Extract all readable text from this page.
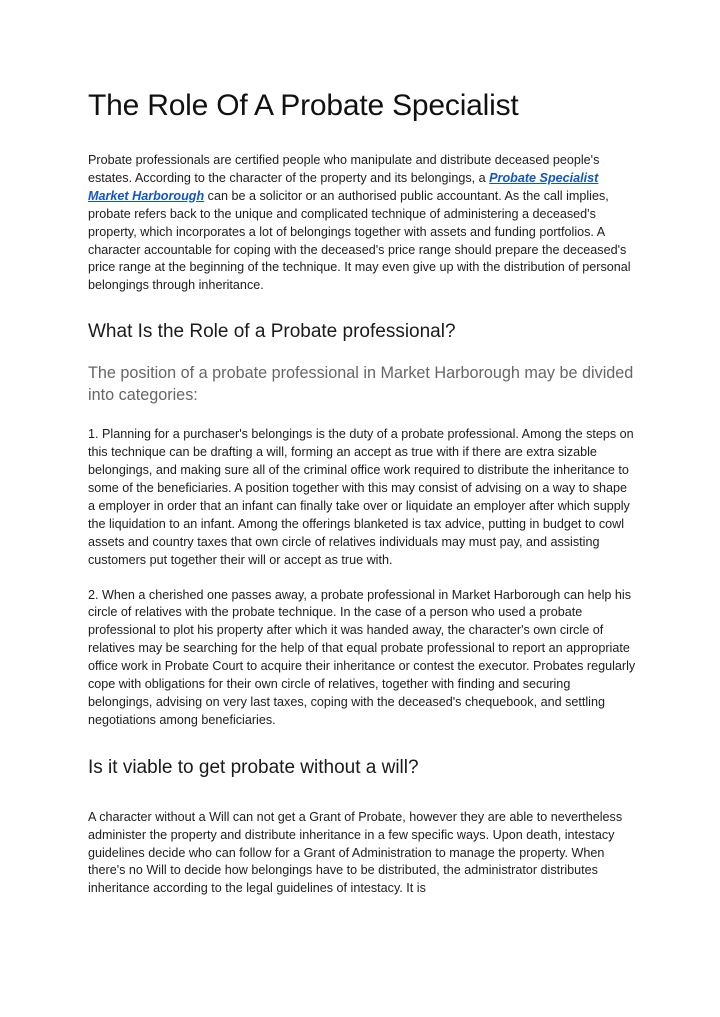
The Role Of A Probate Specialist

Probate professionals are certified people who manipulate and distribute deceased people's estates. According to the character of the property and its belongings, a Probate Specialist Market Harborough can be a solicitor or an authorised public accountant. As the call implies, probate refers back to the unique and complicated technique of administering a deceased's property, which incorporates a lot of belongings together with assets and funding portfolios. A character accountable for coping with the deceased's price range should prepare the deceased's price range at the beginning of the technique. It may even give up with the distribution of personal belongings through inheritance.

What Is the Role of a Probate professional?

The position of a probate professional in Market Harborough may be divided into categories:

1. Planning for a purchaser's belongings is the duty of a probate professional. Among the steps on this technique can be drafting a will, forming an accept as true with if there are extra sizable belongings, and making sure all of the criminal office work required to distribute the inheritance to some of the beneficiaries. A position together with this may consist of advising on a way to shape a employer in order that an infant can finally take over or liquidate an employer after which supply the liquidation to an infant. Among the offerings blanketed is tax advice, putting in budget to cowl assets and country taxes that own circle of relatives individuals may must pay, and assisting customers put together their will or accept as true with.

2. When a cherished one passes away, a probate professional in Market Harborough can help his circle of relatives with the probate technique. In the case of a person who used a probate professional to plot his property after which it was handed away, the character's own circle of relatives may be searching for the help of that equal probate professional to report an appropriate office work in Probate Court to acquire their inheritance or contest the executor. Probates regularly cope with obligations for their own circle of relatives, together with finding and securing belongings, advising on very last taxes, coping with the deceased's chequebook, and settling negotiations among beneficiaries.

Is it viable to get probate without a will?

A character without a Will can not get a Grant of Probate, however they are able to nevertheless administer the property and distribute inheritance in a few specific ways. Upon death, intestacy guidelines decide who can follow for a Grant of Administration to manage the property. When there's no Will to decide how belongings have to be distributed, the administrator distributes inheritance according to the legal guidelines of intestacy. It is
